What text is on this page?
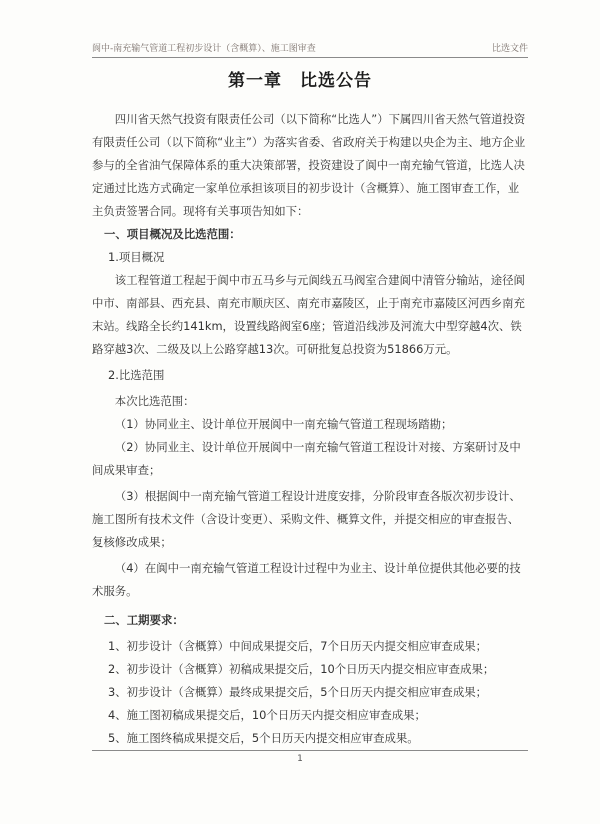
阆中-南充输气管道工程初步设计（含概算）、施工图审查	比选文件
第一章　比选公告

四川省天然气投资有限责任公司（以下简称“比选人”）下属四川省天然气管道投资有限责任公司（以下简称“业主”）为落实省委、省政府关于构建以央企为主、地方企业参与的全省油气保障体系的重大决策部署，投资建设了阆中一南充输气管道，比选人决定通过比选方式确定一家单位承担该项目的初步设计（含概算）、施工图审查工作，业主负责签署合同。现将有关事项告知如下：

一、项目概况及比选范围：

1.项目概况

该工程管道工程起于阆中市五马乡与元阆线五马阀室合建阆中清管分输站，途径阆中市、南部县、西充县、南充市顺庆区、南充市嘉陵区，止于南充市嘉陵区河西乡南充末站。线路全长约141km，设置线路阀室6座；管道沿线涉及河流大中型穿越4次、铁路穿越3次、二级及以上公路穿越13次。可研批复总投资为51866万元。

2.比选范围

本次比选范围：

（1）协同业主、设计单位开展阆中一南充输气管道工程现场踏勘；

（2）协同业主、设计单位开展阆中一南充输气管道工程设计对接、方案研讨及中间成果审查；

（3）根据阆中一南充输气管道工程设计进度安排，分阶段审查各版次初步设计、施工图所有技术文件（含设计变更）、采购文件、概算文件，并提交相应的审查报告、复核修改成果；

（4）在阆中一南充输气管道工程设计过程中为业主、设计单位提供其他必要的技术服务。

二、工期要求：

1、初步设计（含概算）中间成果提交后，7个日历天内提交相应审查成果；

2、初步设计（含概算）初稿成果提交后，10个日历天内提交相应审查成果；

3、初步设计（含概算）最终成果提交后，5个日历天内提交相应审查成果；

4、施工图初稿成果提交后，10个日历天内提交相应审查成果；

5、施工图终稿成果提交后，5个日历天内提交相应审查成果。

1
